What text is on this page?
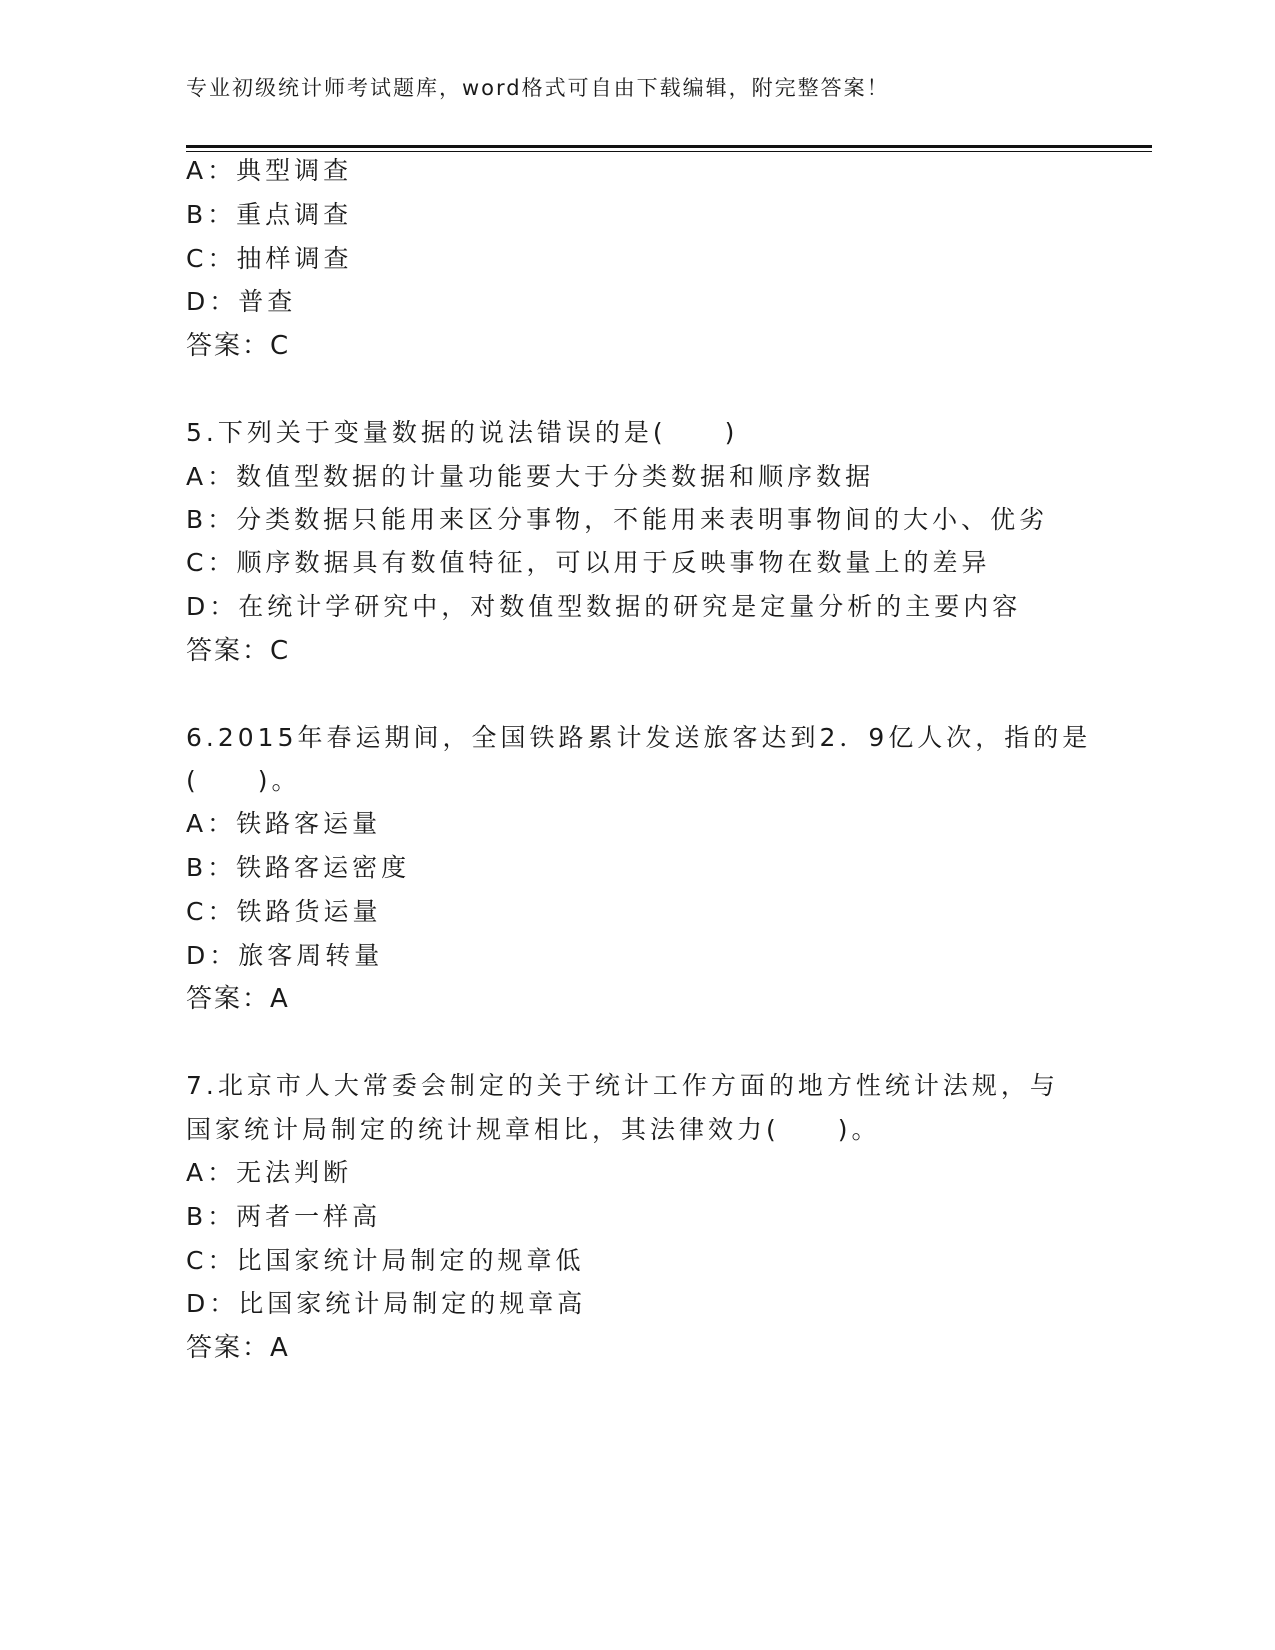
专业初级统计师考试题库，word格式可自由下载编辑，附完整答案！
A：典型调查
B：重点调查
C：抽样调查
D：普查
答案：C
5.下列关于变量数据的说法错误的是(　　)
A：数值型数据的计量功能要大于分类数据和顺序数据
B：分类数据只能用来区分事物，不能用来表明事物间的大小、优劣
C：顺序数据具有数值特征，可以用于反映事物在数量上的差异
D：在统计学研究中，对数值型数据的研究是定量分析的主要内容
答案：C
6.2015年春运期间，全国铁路累计发送旅客达到2．9亿人次，指的是
(　　)。
A：铁路客运量
B：铁路客运密度
C：铁路货运量
D：旅客周转量
答案：A
7.北京市人大常委会制定的关于统计工作方面的地方性统计法规，与
国家统计局制定的统计规章相比，其法律效力(　　)。
A：无法判断
B：两者一样高
C：比国家统计局制定的规章低
D：比国家统计局制定的规章高
答案：A
